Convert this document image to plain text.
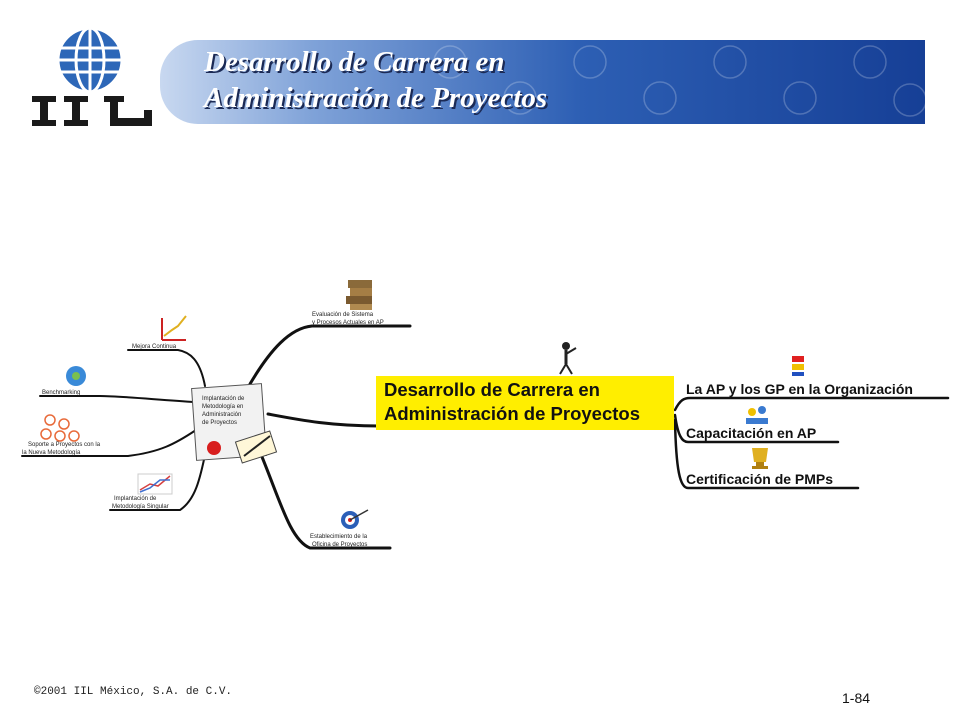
Desarrollo de Carrera en
Administración de Proyectos
Implantación de
Metodología en
Administración
de Proyectos
Evaluación de Sistema
y Procesos Actuales en AP
Mejora Continua
Benchmarking
Soporte a Proyectos con la
la Nueva Metodología
Implantación de
Metodología Singular
Establecimiento de la
Oficina de Proyectos
Desarrollo de Carrera en
Administración de Proyectos
La AP y los GP en la Organización
Capacitación en AP
Certificación de PMPs
©2001 IIL México, S.A. de C.V.	1-84
